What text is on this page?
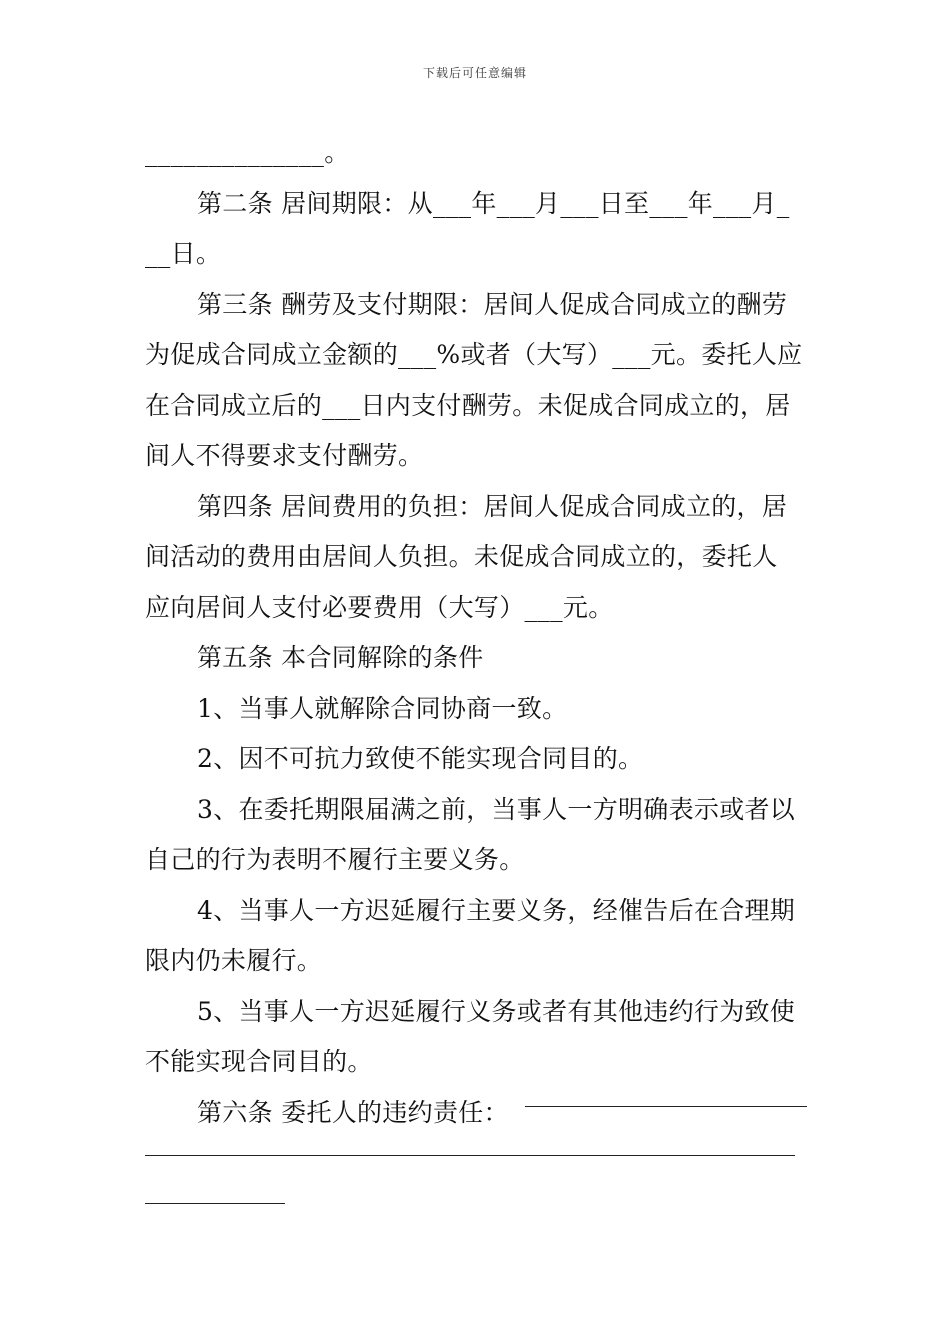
下载后可任意编辑
______________。
第二条 居间期限：从___年___月___日至___年___月_
__日。
第三条 酬劳及支付期限：居间人促成合同成立的酬劳
为促成合同成立金额的___%或者（大写）___元。委托人应
在合同成立后的___日内支付酬劳。未促成合同成立的，居
间人不得要求支付酬劳。
第四条 居间费用的负担：居间人促成合同成立的，居
间活动的费用由居间人负担。未促成合同成立的，委托人
应向居间人支付必要费用（大写）___元。
第五条 本合同解除的条件
1、当事人就解除合同协商一致。
2、因不可抗力致使不能实现合同目的。
3、在委托期限届满之前，当事人一方明确表示或者以
自己的行为表明不履行主要义务。
4、当事人一方迟延履行主要义务，经催告后在合理期
限内仍未履行。
5、当事人一方迟延履行义务或者有其他违约行为致使
不能实现合同目的。
第六条 委托人的违约责任：
